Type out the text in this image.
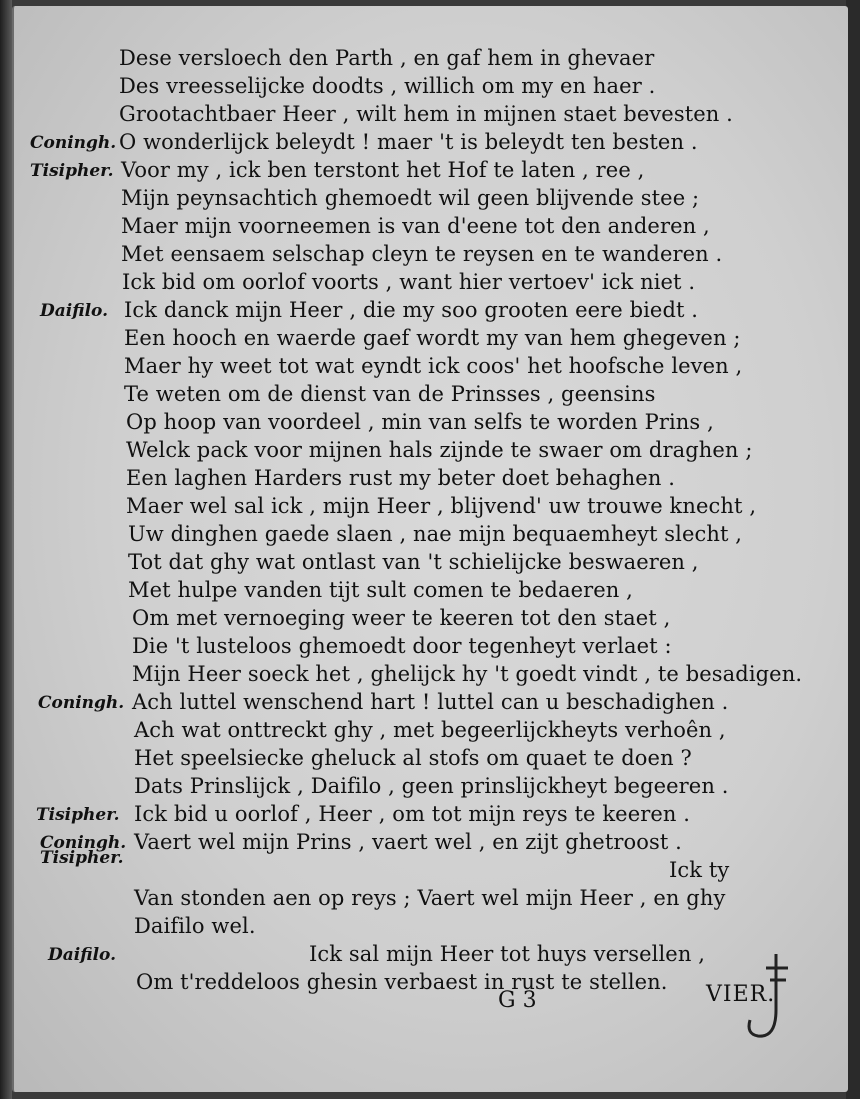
Dese versloech den Parth , en gaf hem in ghevaer
Des vreesselijcke doodts , willich om my en haer .
Grootachtbaer Heer , wilt hem in mijnen staet bevesten .
Coningh. O wonderlijck beleydt ! maer 't is beleydt ten besten .
Tisipher. Voor my , ick ben terstont het Hof te laten , ree ,
Mijn peynsachtich ghemoedt wil geen blijvende stee ;
Maer mijn voorneemen is van d'eene tot den anderen ,
Met eensaem selschap cleyn te reysen en te wanderen .
Ick bid om oorlof voorts , want hier vertoev' ick niet .
Daifilo. Ick danck mijn Heer , die my soo grooten eere biedt .
Een hooch en waerde gaef wordt my van hem ghegeven ;
Maer hy weet tot wat eyndt ick coos' het hoofsche leven ,
Te weten om de dienst van de Prinsses , geensins
Op hoop van voordeel , min van selfs te worden Prins ,
Welck pack voor mijnen hals zijnde te swaer om draghen ;
Een laghen Harders rust my beter doet behaghen .
Maer wel sal ick , mijn Heer , blijvend' uw trouwe knecht ,
Uw dinghen gaede slaen , nae mijn bequaemheyt slecht ,
Tot dat ghy wat ontlast van 't schielijcke beswaeren ,
Met hulpe vanden tijt sult comen te bedaeren ,
Om met vernoeging weer te keeren tot den staet ,
Die 't lusteloos ghemoedt door tegenheyt verlaet :
Mijn Heer soeck het , ghelijck hy 't goedt vindt , te besadigen.
Coningh. Ach luttel wenschend hart ! luttel can u beschadighen .
Ach wat onttreckt ghy , met begeerlijckheyts verhoên ,
Het speelsiecke gheluck al stofs om quaet te doen ?
Dats Prinslijck , Daifilo , geen prinslijckheyt begeeren .
Tisipher. Ick bid u oorlof , Heer , om tot mijn reys te keeren .
Coningh. Vaert wel mijn Prins , vaert wel , en zijt ghetroost .
Tisipher.	Ick ty
Van stonden aen op reys ; Vaert wel mijn Heer , en ghy
Daifilo wel.
Daifilo.	Ick sal mijn Heer tot huys versellen ,
Om t'reddeloos ghesin verbaest in rust te stellen.
G 3	VIER.
